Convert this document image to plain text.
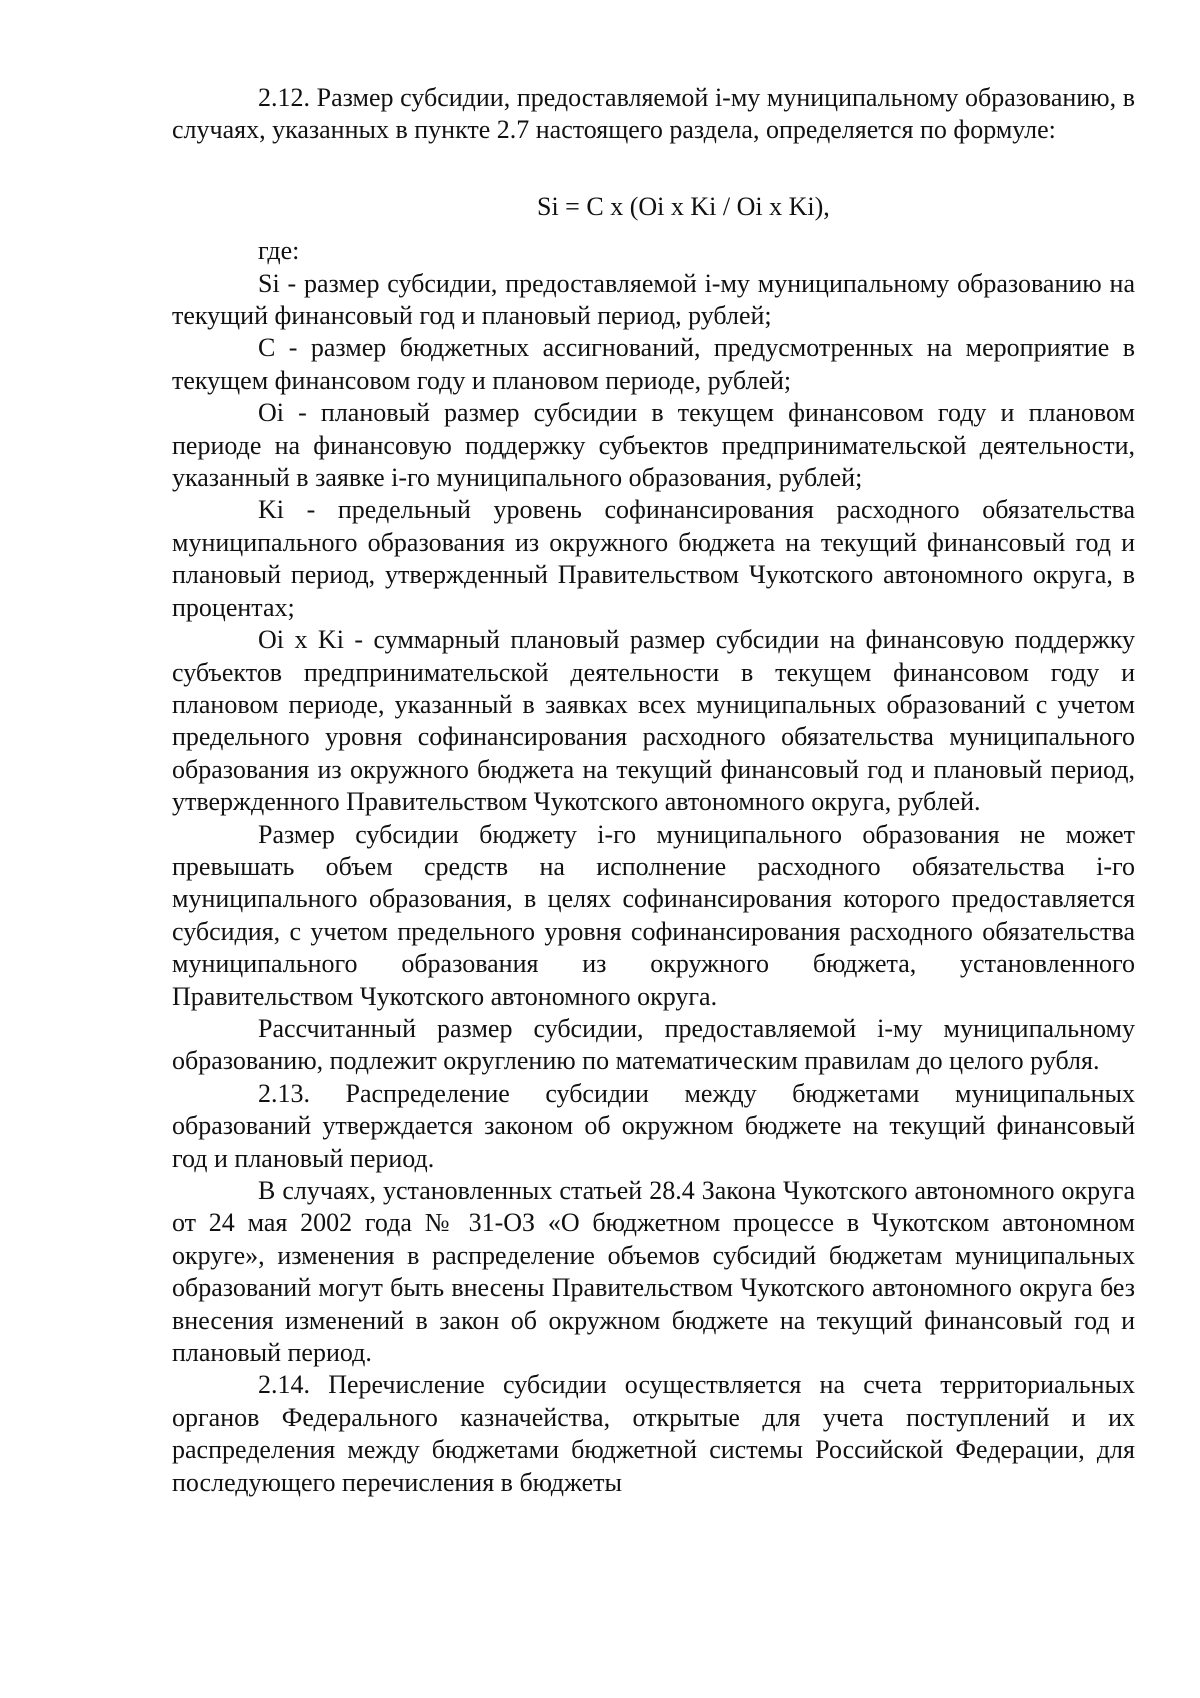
2.12. Размер субсидии, предоставляемой i-му муниципальному образованию, в случаях, указанных в пункте 2.7 настоящего раздела, определяется по формуле:

Si = C x (Oi x Ki / Oi x Ki),

где:

Si - размер субсидии, предоставляемой i-му муниципальному образованию на текущий финансовый год и плановый период, рублей;

С - размер бюджетных ассигнований, предусмотренных на мероприятие в текущем финансовом году и плановом периоде, рублей;

Oi - плановый размер субсидии в текущем финансовом году и плановом периоде на финансовую поддержку субъектов предпринимательской деятельности, указанный в заявке i-го муниципального образования, рублей;

Ki - предельный уровень софинансирования расходного обязательства муниципального образования из окружного бюджета на текущий финансовый год и плановый период, утвержденный Правительством Чукотского автономного округа, в процентах;

Oi x Ki - суммарный плановый размер субсидии на финансовую поддержку субъектов предпринимательской деятельности в текущем финансовом году и плановом периоде, указанный в заявках всех муниципальных образований с учетом предельного уровня софинансирования расходного обязательства муниципального образования из окружного бюджета на текущий финансовый год и плановый период, утвержденного Правительством Чукотского автономного округа, рублей.

Размер субсидии бюджету i-го муниципального образования не может превышать объем средств на исполнение расходного обязательства i-го муниципального образования, в целях софинансирования которого предоставляется субсидия, с учетом предельного уровня софинансирования расходного обязательства муниципального образования из окружного бюджета, установленного Правительством Чукотского автономного округа.

Рассчитанный размер субсидии, предоставляемой i-му муниципальному образованию, подлежит округлению по математическим правилам до целого рубля.

2.13. Распределение субсидии между бюджетами муниципальных образований утверждается законом об окружном бюджете на текущий финансовый год и плановый период.

В случаях, установленных статьей 28.4 Закона Чукотского автономного округа от 24 мая 2002 года № 31-ОЗ «О бюджетном процессе в Чукотском автономном округе», изменения в распределение объемов субсидий бюджетам муниципальных образований могут быть внесены Правительством Чукотского автономного округа без внесения изменений в закон об окружном бюджете на текущий финансовый год и плановый период.

2.14. Перечисление субсидии осуществляется на счета территориальных органов Федерального казначейства, открытые для учета поступлений и их распределения между бюджетами бюджетной системы Российской Федерации, для последующего перечисления в бюджеты
